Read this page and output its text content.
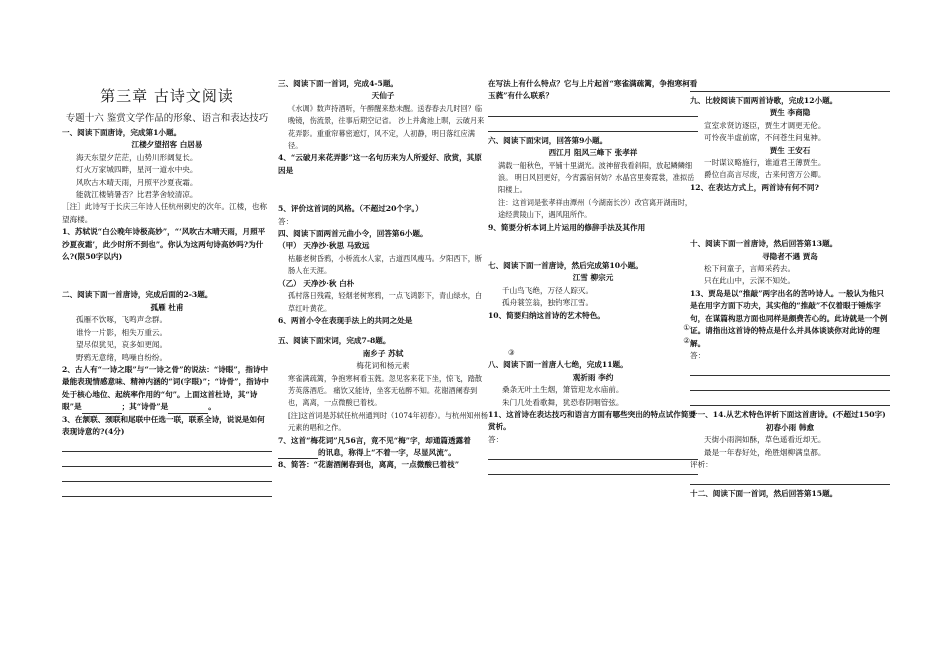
第三章 古诗文阅读
专题十六 鉴赏文学作品的形象、语言和表达技巧
一、阅读下面唐诗，完成第1小题。
江楼夕望招客 白居易
海天东望夕茫茫，山势川形阔复长。
灯火万家城四畔，星河一道水中央。
风吹古木晴天雨，月照平沙夏夜霜。
能就江楼销暑否？比君茅舍较清凉。
［注］此诗写于长庆三年诗人任杭州刺史的次年。江楼，也称望海楼。
1、苏轼说“白公晚年诗极高妙”，“‘风吹古木晴天雨，月照平沙夏夜霜’，此少时所不到也”。你认为这两句诗高妙吗?为什么?(限50字以内)
二、阅读下面一首唐诗，完成后面的2-3题。
孤雁 杜甫
孤雁不饮啄，飞鸣声念群。
谁怜一片影，相失万重云。
望尽似犹见，哀多如更闻。
野鸦无意绪，鸣噪自纷纷。
2、古人有“一诗之眼”与“一诗之骨”的说法：“诗眼”，指诗中最能表现情感意味、精神内涵的“词(字眼)”；“诗骨”，指诗中处于核心地位、起统率作用的“句”。上面这首杜诗，其“诗眼”是	；其“诗骨”是	。
3、在颔联、颈联和尾联中任选一联，联系全诗，说说是如何表现诗意的?(4分)
三、阅读下面一首词，完成4-5题。
天仙子
《水调》数声持酒听，午醉醒来愁未醒。送春春去几时回？临晚镜，伤流景，往事后期空记省。 沙上并禽池上暝，云破月来花弄影。重重帘幕密遮灯，风不定，人初静，明日落红应满径。
4、“云破月来花弄影”这一名句历来为人所爱好、欣赏，其原因是
5、评价这首词的风格。（不超过20个字。）
答：
四、阅读下面两首元曲小令，回答第6小题。
（甲） 天净沙·秋思 马致远
枯藤老树昏鸦，小桥流水人家，古道西风瘦马。夕阳西下，断肠人在天涯。
（乙） 天净沙·秋 白朴
孤村落日残霞，轻烟老树寒鸦，一点飞鸿影下，青山绿水，白草红叶黄花。
6、两首小令在表现手法上的共同之处是
五、阅读下面宋词，完成7-8题。
南乡子 苏轼
梅花词和杨元素
寒雀满疏篱，争抱寒柯看玉蕤。忽见客来花下坐，惊飞，踏散芳英落酒卮。 痛饮又能诗，坐客无毡醉不知。花谢酒阑春到也，离离，一点微酸已着枝。
[注]这首词是苏轼任杭州通判时（1074年初春）。与杭州知州杨元素的唱和之作。
7、这首“梅花词”凡56言，竟不见“梅”字，却通篇透露着的讯息，称得上“不着一字，尽显风流”。
8、简答：“花谢酒阑春到也，离离，一点微酸已着枝”
在写法上有什么特点？它与上片起首“寒雀满疏篱，争抱寒柯看玉蕤”有什么联系？
六、阅读下面宋词，回答第9小题。
西江月 阻风三峰下 张孝祥
满载一船秋色，平铺十里湖光。波神留我看斜阳，放起鳞鳞细浪。 明日风回更好，今宵露宿何妨？水晶宫里奏霓裳，准拟岳阳楼上。
注：这首词是张孝祥由潭州（今湖南长沙）改官离开湖南时，途经黄陵山下，遇风阻所作。
9、简要分析本词上片运用的修辞手法及其作用
七、阅读下面一首唐诗，然后完成第10小题。
江雪 柳宗元
千山鸟飞绝，万径人踪灭。
孤舟蓑笠翁，独钓寒江雪。
10、简要归纳这首诗的艺术特色。
①
②
③
八、阅读下面一首唐人七绝，完成11题。
观祈雨 李约
桑条无叶土生烟，箫管迎龙水庙前。
朱门几处看歌舞，犹恐春阴咽管弦。
11、这首诗在表达技巧和语言方面有哪些突出的特点试作简要赏析。
答：
九、比较阅读下面两首诗歌，完成12小题。
贾生 李商隐
宣室求贤访逐臣，贾生才调更无伦。
可怜夜半虚前席，不问苍生问鬼神。
贾生 王安石
一时谋议略施行，谁道君王薄贾生。
爵位自高言尽废，古来何啻万公卿。
12、在表达方式上，两首诗有何不同?
十、阅读下面一首唐诗，然后回答第13题。
寻隐者不遇 贾岛
松下问童子，言师采药去。
只在此山中，云深不知处。
13、贾岛是以“推敲”两字出名的苦吟诗人。一般认为他只是在用字方面下功夫，其实他的“推敲”不仅着眼于锤炼字句，在谋篇构思方面也同样是颇费苦心的。此诗就是一个例证。请指出这首诗的特点是什么并具体谈谈你对此诗的理解。
答：
十一、14.从艺术特色评析下面这首唐诗。(不超过150字)
初春小雨 韩愈
天街小雨润如酥，草色遥看近却无。
最是一年春好处，绝胜烟柳满皇都。
评析：
十二、阅读下面一首词，然后回答第15题。
